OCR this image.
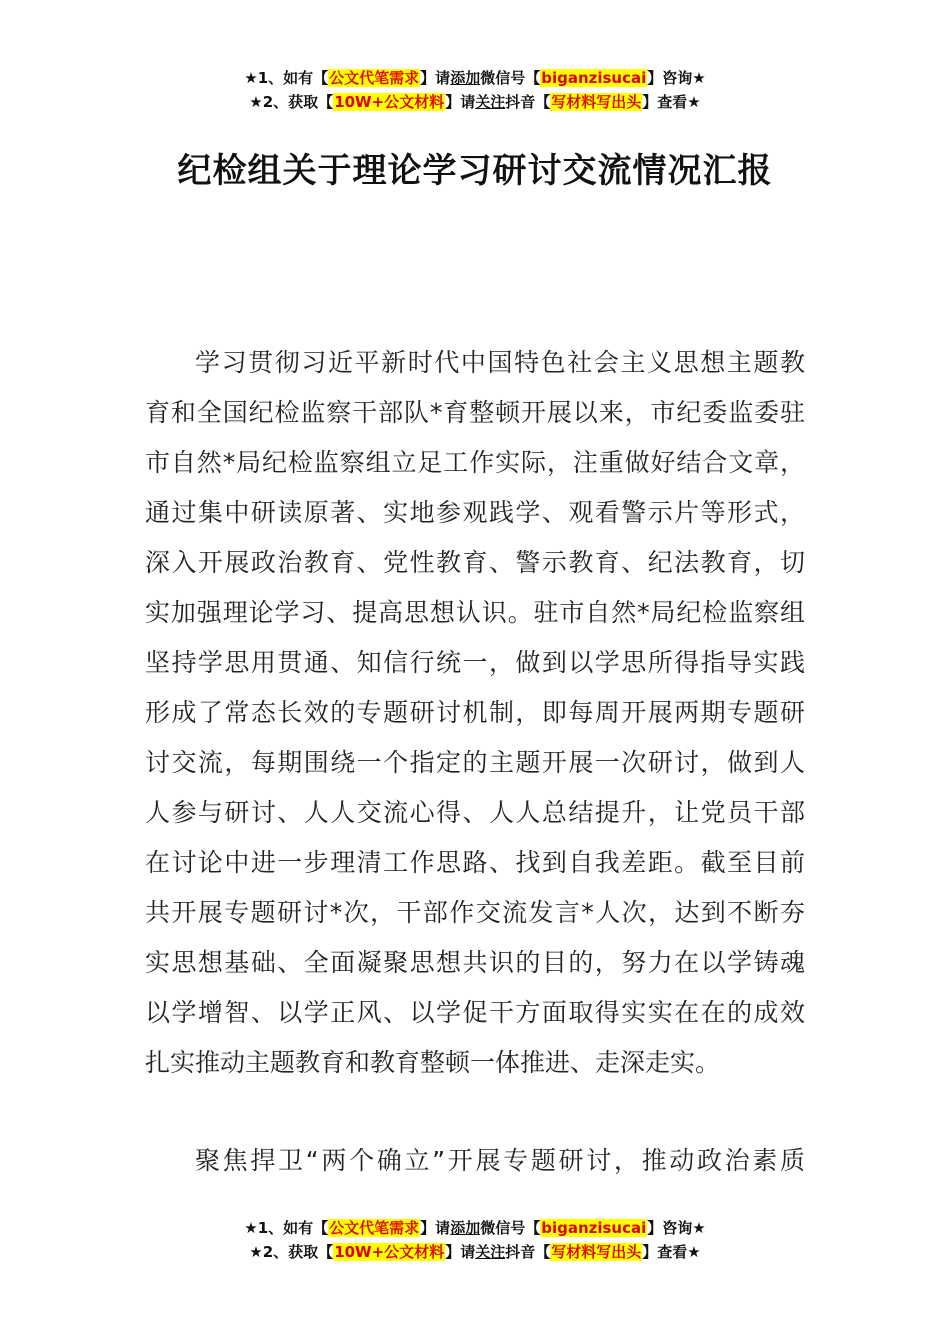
★1、如有【公文代笔需求】请添加微信号【biganzisucai】咨询★
★2、获取【10W+公文材料】请关注抖音【写材料写出头】查看★
纪检组关于理论学习研讨交流情况汇报
学习贯彻习近平新时代中国特色社会主义思想主题教
育和全国纪检监察干部队*育整顿开展以来，市纪委监委驻
市自然*局纪检监察组立足工作实际，注重做好结合文章，
通过集中研读原著、实地参观践学、观看警示片等形式，
深入开展政治教育、党性教育、警示教育、纪法教育，切
实加强理论学习、提高思想认识。驻市自然*局纪检监察组
坚持学思用贯通、知信行统一，做到以学思所得指导实践
形成了常态长效的专题研讨机制，即每周开展两期专题研
讨交流，每期围绕一个指定的主题开展一次研讨，做到人
人参与研讨、人人交流心得、人人总结提升，让党员干部
在讨论中进一步理清工作思路、找到自我差距。截至目前
共开展专题研讨*次，干部作交流发言*人次，达到不断夯
实思想基础、全面凝聚思想共识的目的，努力在以学铸魂
以学增智、以学正风、以学促干方面取得实实在在的成效
扎实推动主题教育和教育整顿一体推进、走深走实。
聚焦捍卫“两个确立”开展专题研讨，推动政治素质
★1、如有【公文代笔需求】请添加微信号【biganzisucai】咨询★
★2、获取【10W+公文材料】请关注抖音【写材料写出头】查看★
